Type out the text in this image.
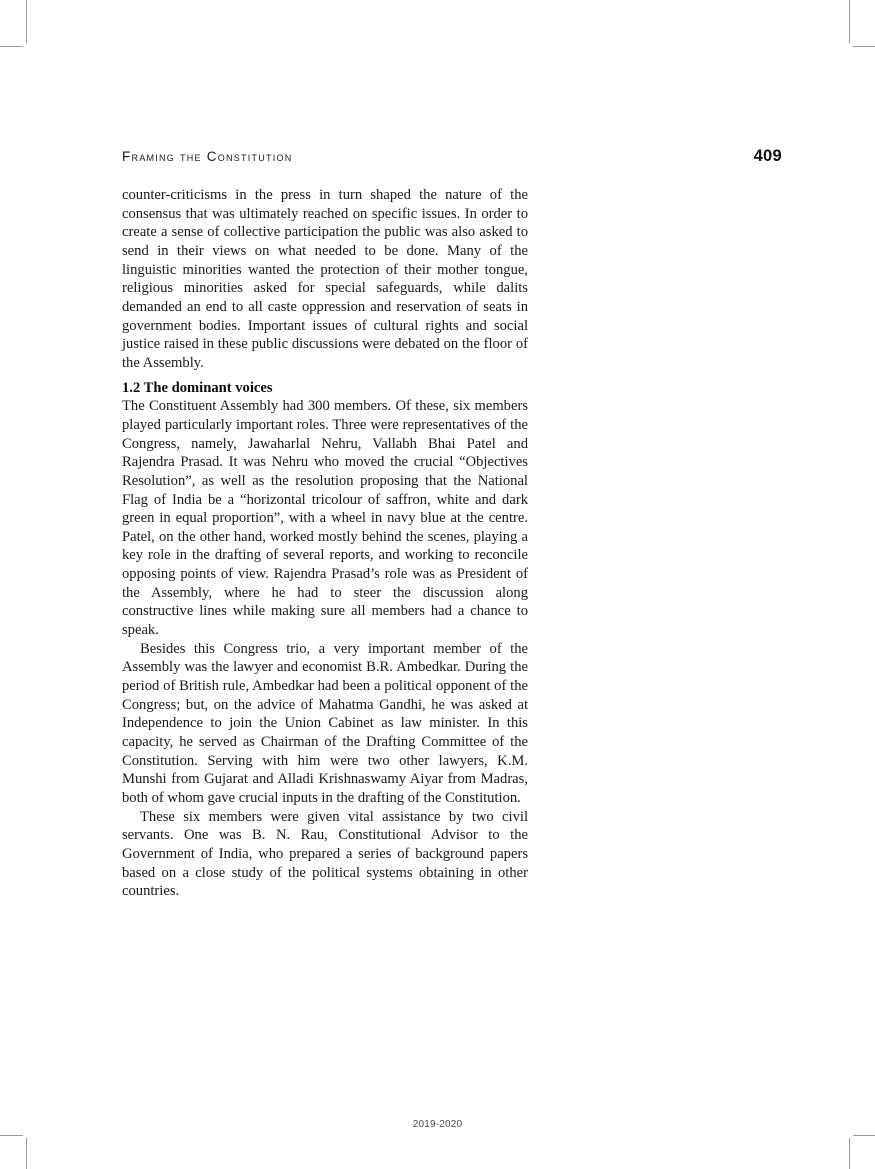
Framing the Constitution	409

counter-criticisms in the press in turn shaped the nature of the consensus that was ultimately reached on specific issues. In order to create a sense of collective participation the public was also asked to send in their views on what needed to be done. Many of the linguistic minorities wanted the protection of their mother tongue, religious minorities asked for special safeguards, while dalits demanded an end to all caste oppression and reservation of seats in government bodies. Important issues of cultural rights and social justice raised in these public discussions were debated on the floor of the Assembly.

1.2 The dominant voices

The Constituent Assembly had 300 members. Of these, six members played particularly important roles. Three were representatives of the Congress, namely, Jawaharlal Nehru, Vallabh Bhai Patel and Rajendra Prasad. It was Nehru who moved the crucial “Objectives Resolution”, as well as the resolution proposing that the National Flag of India be a “horizontal tricolour of saffron, white and dark green in equal proportion”, with a wheel in navy blue at the centre. Patel, on the other hand, worked mostly behind the scenes, playing a key role in the drafting of several reports, and working to reconcile opposing points of view. Rajendra Prasad’s role was as President of the Assembly, where he had to steer the discussion along constructive lines while making sure all members had a chance to speak.

Besides this Congress trio, a very important member of the Assembly was the lawyer and economist B.R. Ambedkar. During the period of British rule, Ambedkar had been a political opponent of the Congress; but, on the advice of Mahatma Gandhi, he was asked at Independence to join the Union Cabinet as law minister. In this capacity, he served as Chairman of the Drafting Committee of the Constitution. Serving with him were two other lawyers, K.M. Munshi from Gujarat and Alladi Krishnaswamy Aiyar from Madras, both of whom gave crucial inputs in the drafting of the Constitution.

These six members were given vital assistance by two civil servants. One was B. N. Rau, Constitutional Advisor to the Government of India, who prepared a series of background papers based on a close study of the political systems obtaining in other countries.

2019-2020
